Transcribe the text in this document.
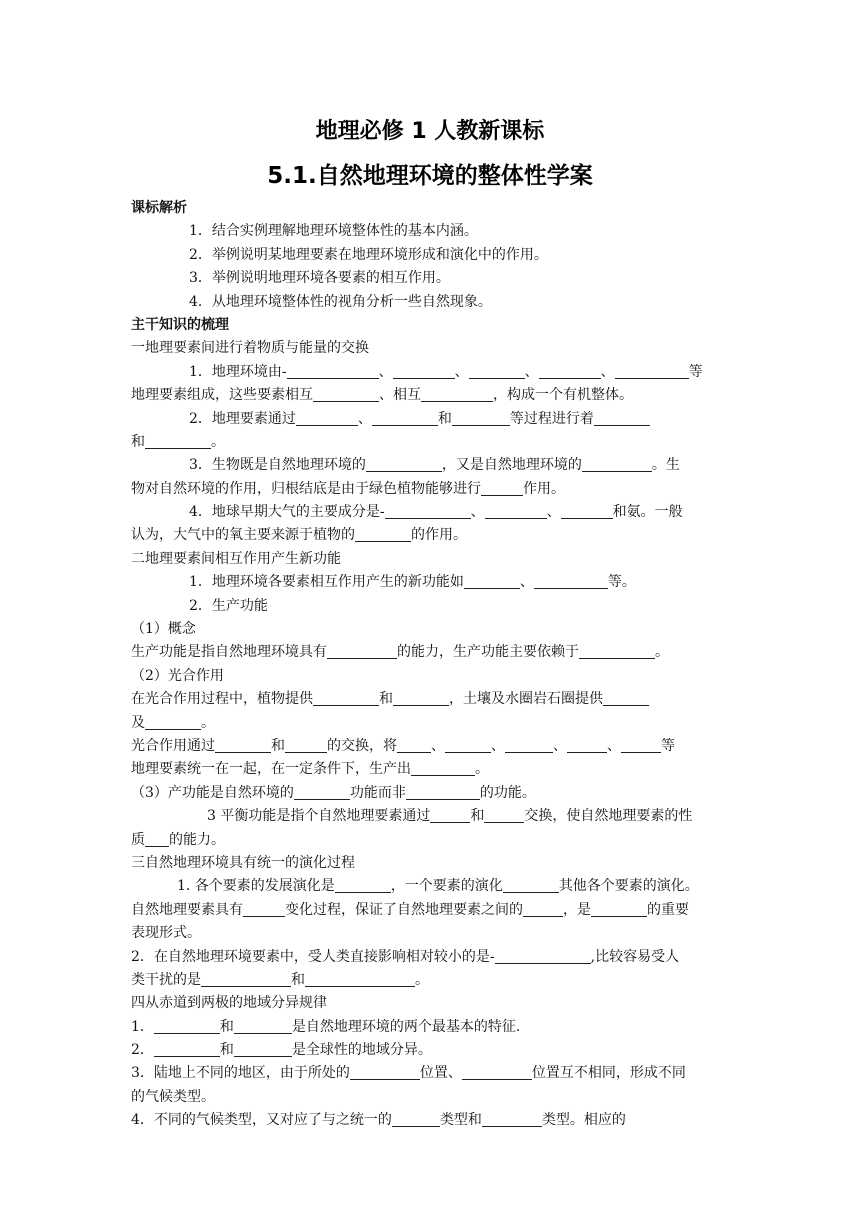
地理必修 1 人教新课标
5.1.自然地理环境的整体性学案
课标解析
1．结合实例理解地理环境整体性的基本内涵。
2．举例说明某地理要素在地理环境形成和演化中的作用。
3．举例说明地理环境各要素的相互作用。
4．从地理环境整体性的视角分析一些自然现象。
主干知识的梳理
一地理要素间进行着物质与能量的交换
1．地理环境由-	、	、	、	、	等
地理要素组成，这些要素相互	、相互	，构成一个有机整体。
2．地理要素通过	、	和	等过程进行着
和	。
3．生物既是自然地理环境的	，又是自然地理环境的	。生
物对自然环境的作用，归根结底是由于绿色植物能够进行	作用。
4．地球早期大气的主要成分是-	、	、	和氨。一般
认为，大气中的氧主要来源于植物的	的作用。
二地理要素间相互作用产生新功能
1．地理环境各要素相互作用产生的新功能如	、	等。
2．生产功能
（1）概念
生产功能是指自然地理环境具有	的能力，生产功能主要依赖于	。
（2）光合作用
在光合作用过程中，植物提供	和	，土壤及水圈岩石圈提供
及	。
光合作用通过	和	的交换，将 、	、	、	、	等
地理要素统一在一起，在一定条件下，生产出	。
（3）产功能是自然环境的	功能而非	的功能。
3 平衡功能是指个自然地理要素通过	和	交换，使自然地理要素的性
质 的能力。
三自然地理环境具有统一的演化过程
1. 各个要素的发展演化是	，一个要素的演化	其他各个要素的演化。
自然地理要素具有	变化过程，保证了自然地理要素之间的	，是	的重要
表现形式。
2．在自然地理环境要素中，受人类直接影响相对较小的是-	,比较容易受人
类干扰的是	和	。
四从赤道到两极的地域分异规律
1．	和	是自然地理环境的两个最基本的特征.
2．	和	是全球性的地域分异。
3．陆地上不同的地区，由于所处的	位置、	位置互不相同，形成不同
的气候类型。
4．不同的气候类型，又对应了与之统一的	类型和	类型。相应的
